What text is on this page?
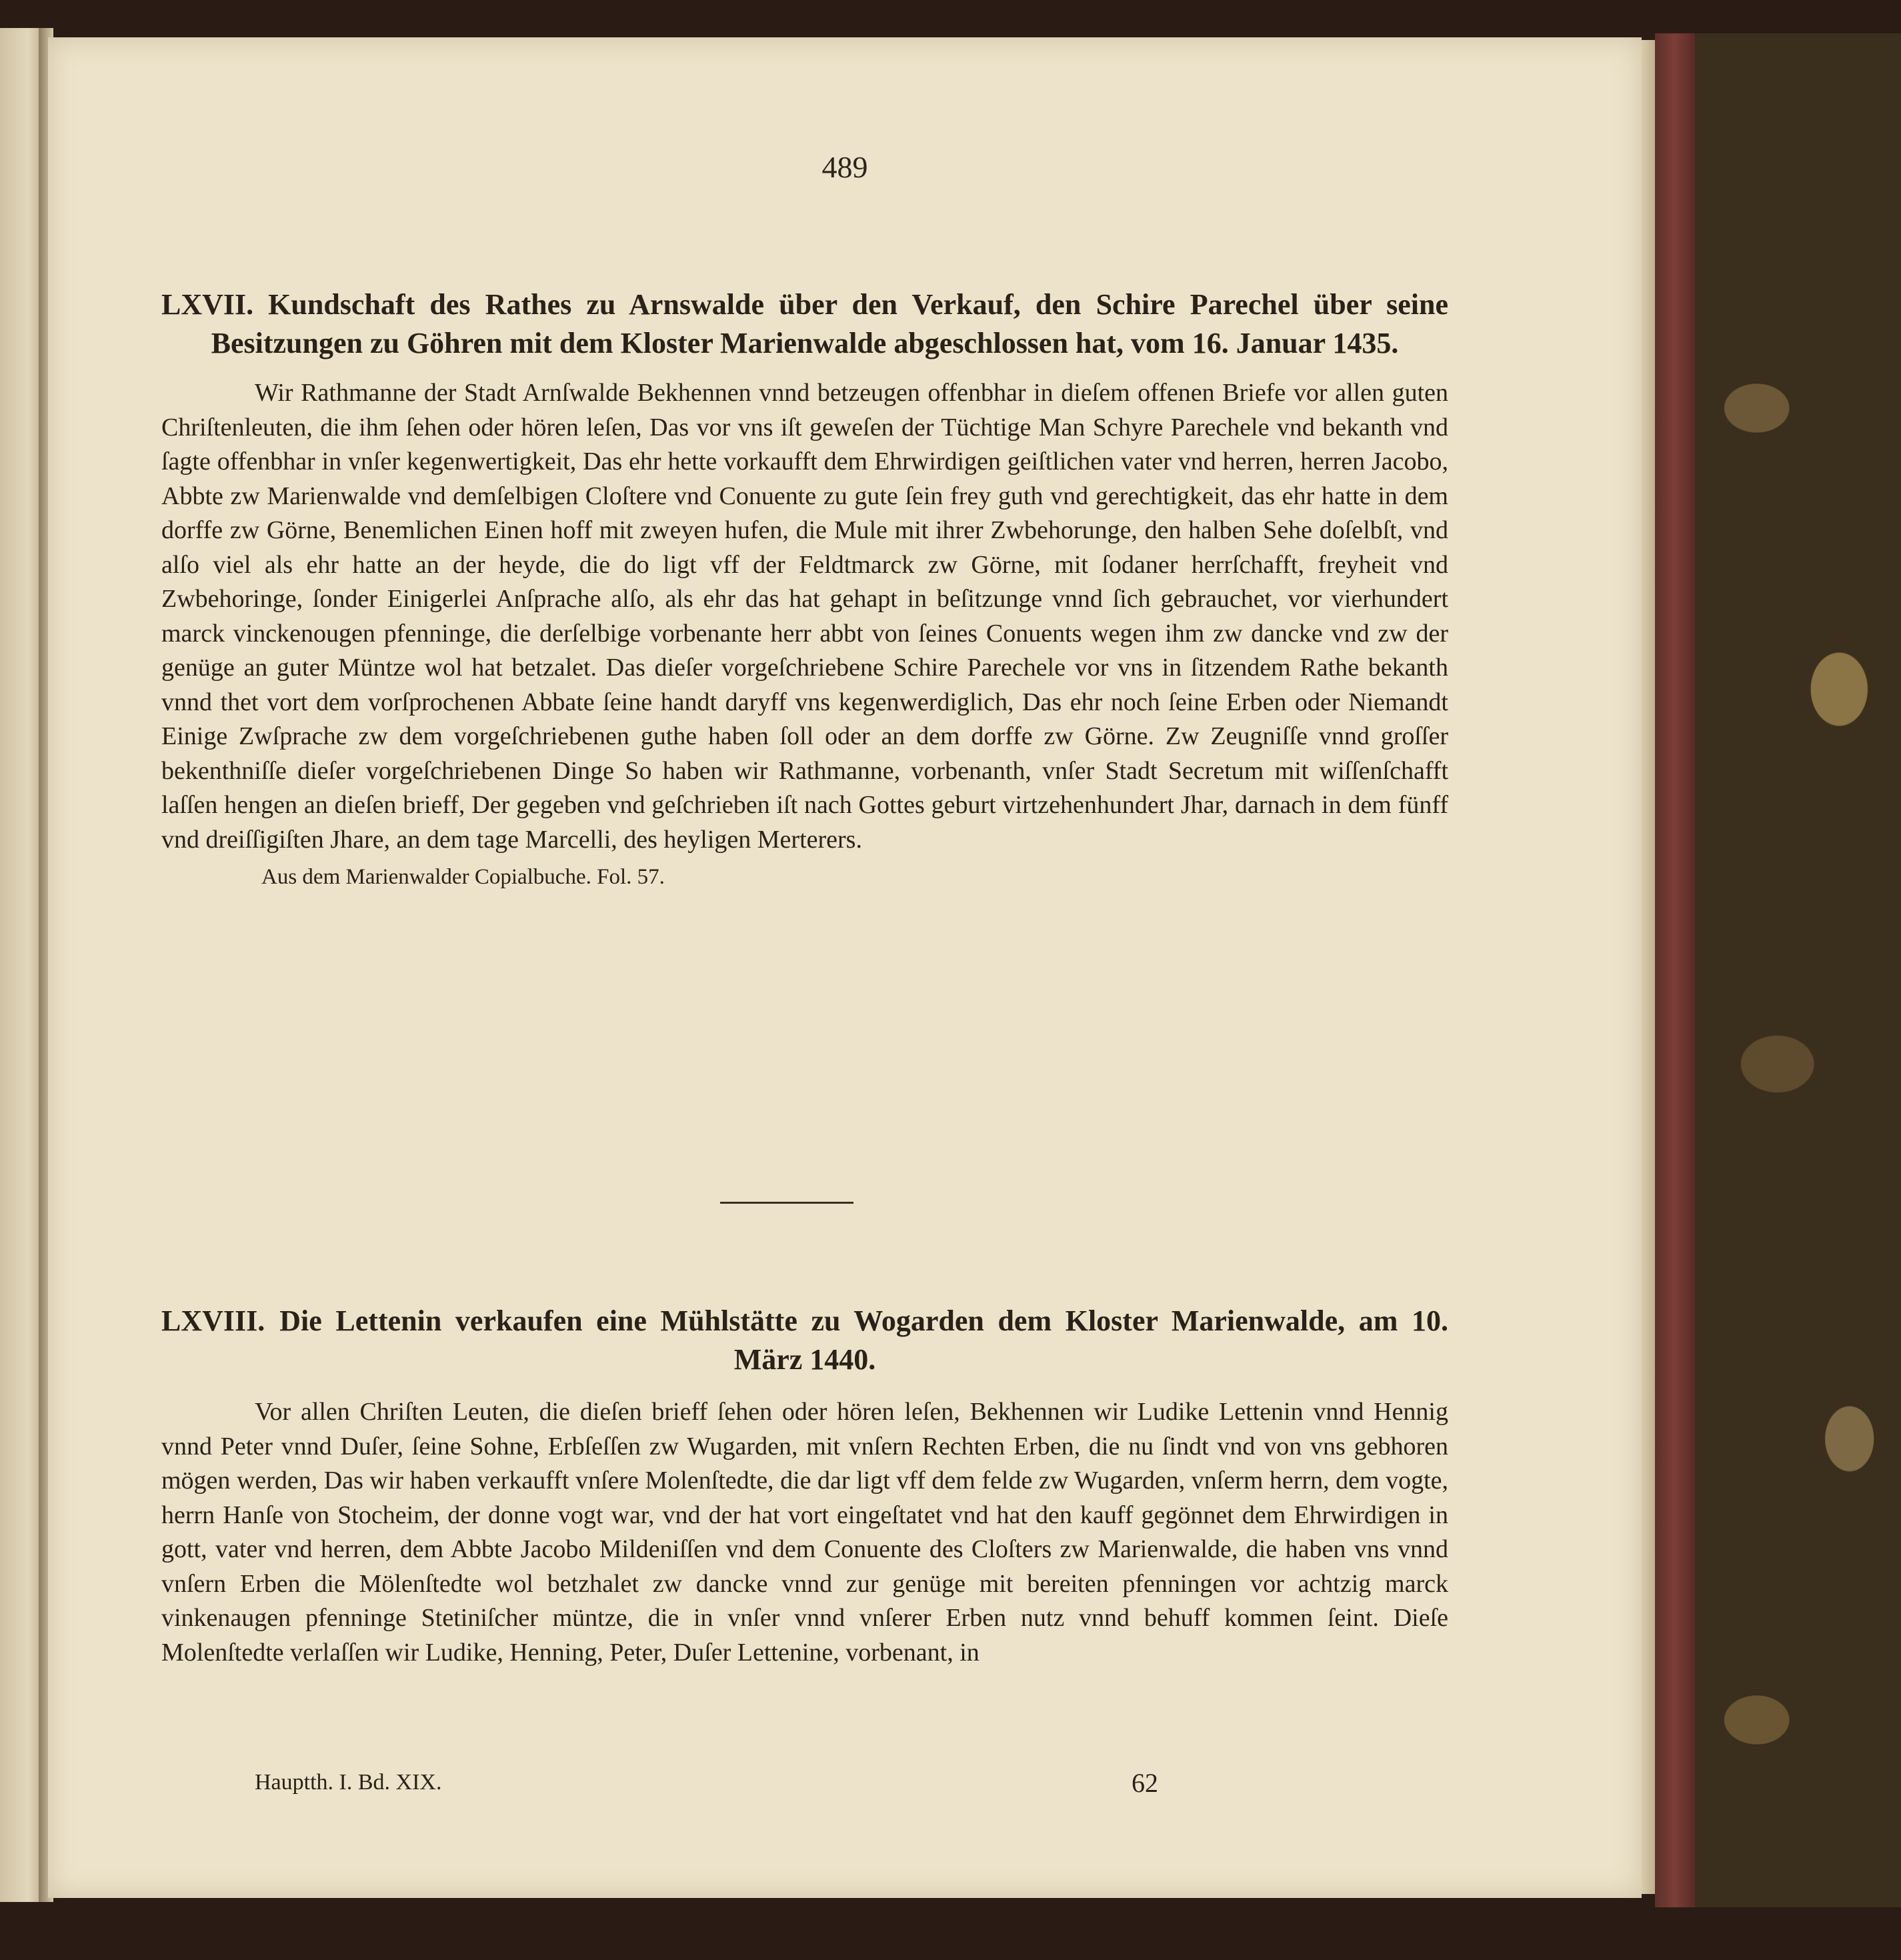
489
LXVII. Kundschaft des Rathes zu Arnswalde über den Verkauf, den Schire Parechel über seine Besitzungen zu Göhren mit dem Kloster Marienwalde abgeschlossen hat, vom 16. Januar 1435.

Wir Rathmanne der Stadt Arnſwalde Bekhennen vnnd betzeugen offenbhar in dieſem offenen Briefe vor allen guten Chriſtenleuten, die ihm ſehen oder hören leſen, Das vor vns iſt geweſen der Tüchtige Man Schyre Parechele vnd bekanth vnd ſagte offenbhar in vnſer kegenwertigkeit, Das ehr hette vorkaufft dem Ehrwirdigen geiſtlichen vater vnd herren, herren Jacobo, Abbte zw Marienwalde vnd demſelbigen Cloſtere vnd Conuente zu gute ſein frey guth vnd gerechtigkeit, das ehr hatte in dem dorffe zw Görne, Benemlichen Einen hoff mit zweyen hufen, die Mule mit ihrer Zwbehorunge, den halben Sehe doſelbſt, vnd alſo viel als ehr hatte an der heyde, die do ligt vff der Feldtmarck zw Görne, mit ſodaner herrſchafft, freyheit vnd Zwbehoringe, ſonder Einigerlei Anſprache alſo, als ehr das hat gehapt in beſitzunge vnnd ſich gebrauchet, vor vierhundert marck vinckenougen pfenninge, die derſelbige vorbenante herr abbt von ſeines Conuents wegen ihm zw dancke vnd zw der genüge an guter Müntze wol hat betzalet. Das dieſer vorgeſchriebene Schire Parechele vor vns in ſitzendem Rathe bekanth vnnd thet vort dem vorſprochenen Abbate ſeine handt daryff vns kegenwerdiglich, Das ehr noch ſeine Erben oder Niemandt Einige Zwſprache zw dem vorgeſchriebenen guthe haben ſoll oder an dem dorffe zw Görne. Zw Zeugniſſe vnnd groſſer bekenthniſſe dieſer vorgeſchriebenen Dinge So haben wir Rathmanne, vorbenanth, vnſer Stadt Secretum mit wiſſenſchafft laſſen hengen an dieſen brieff, Der gegeben vnd geſchrieben iſt nach Gottes geburt virtzehenhundert Jhar, darnach in dem fünff vnd dreiſſigiſten Jhare, an dem tage Marcelli, des heyligen Merterers.

Aus dem Marienwalder Copialbuche. Fol. 57.
LXVIII. Die Lettenin verkaufen eine Mühlstätte zu Wogarden dem Kloster Marienwalde, am 10. März 1440.

Vor allen Chriſten Leuten, die dieſen brieff ſehen oder hören leſen, Bekhennen wir Ludike Lettenin vnnd Hennig vnnd Peter vnnd Duſer, ſeine Sohne, Erbſeſſen zw Wugarden, mit vnſern Rechten Erben, die nu ſindt vnd von vns gebhoren mögen werden, Das wir haben verkaufft vnſere Molenſtedte, die dar ligt vff dem felde zw Wugarden, vnſerm herrn, dem vogte, herrn Hanſe von Stocheim, der donne vogt war, vnd der hat vort eingeſtatet vnd hat den kauff gegönnet dem Ehrwirdigen in gott, vater vnd herren, dem Abbte Jacobo Mildeniſſen vnd dem Conuente des Cloſters zw Marienwalde, die haben vns vnnd vnſern Erben die Mölenſtedte wol betzhalet zw dancke vnnd zur genüge mit bereiten pfenningen vor achtzig marck vinkenaugen pfenninge Stetiniſcher müntze, die in vnſer vnnd vnſerer Erben nutz vnnd behuff kommen ſeint. Dieſe Molenſtedte verlaſſen wir Ludike, Henning, Peter, Duſer Lettenine, vorbenant, in

Hauptth. I. Bd. XIX.	62
